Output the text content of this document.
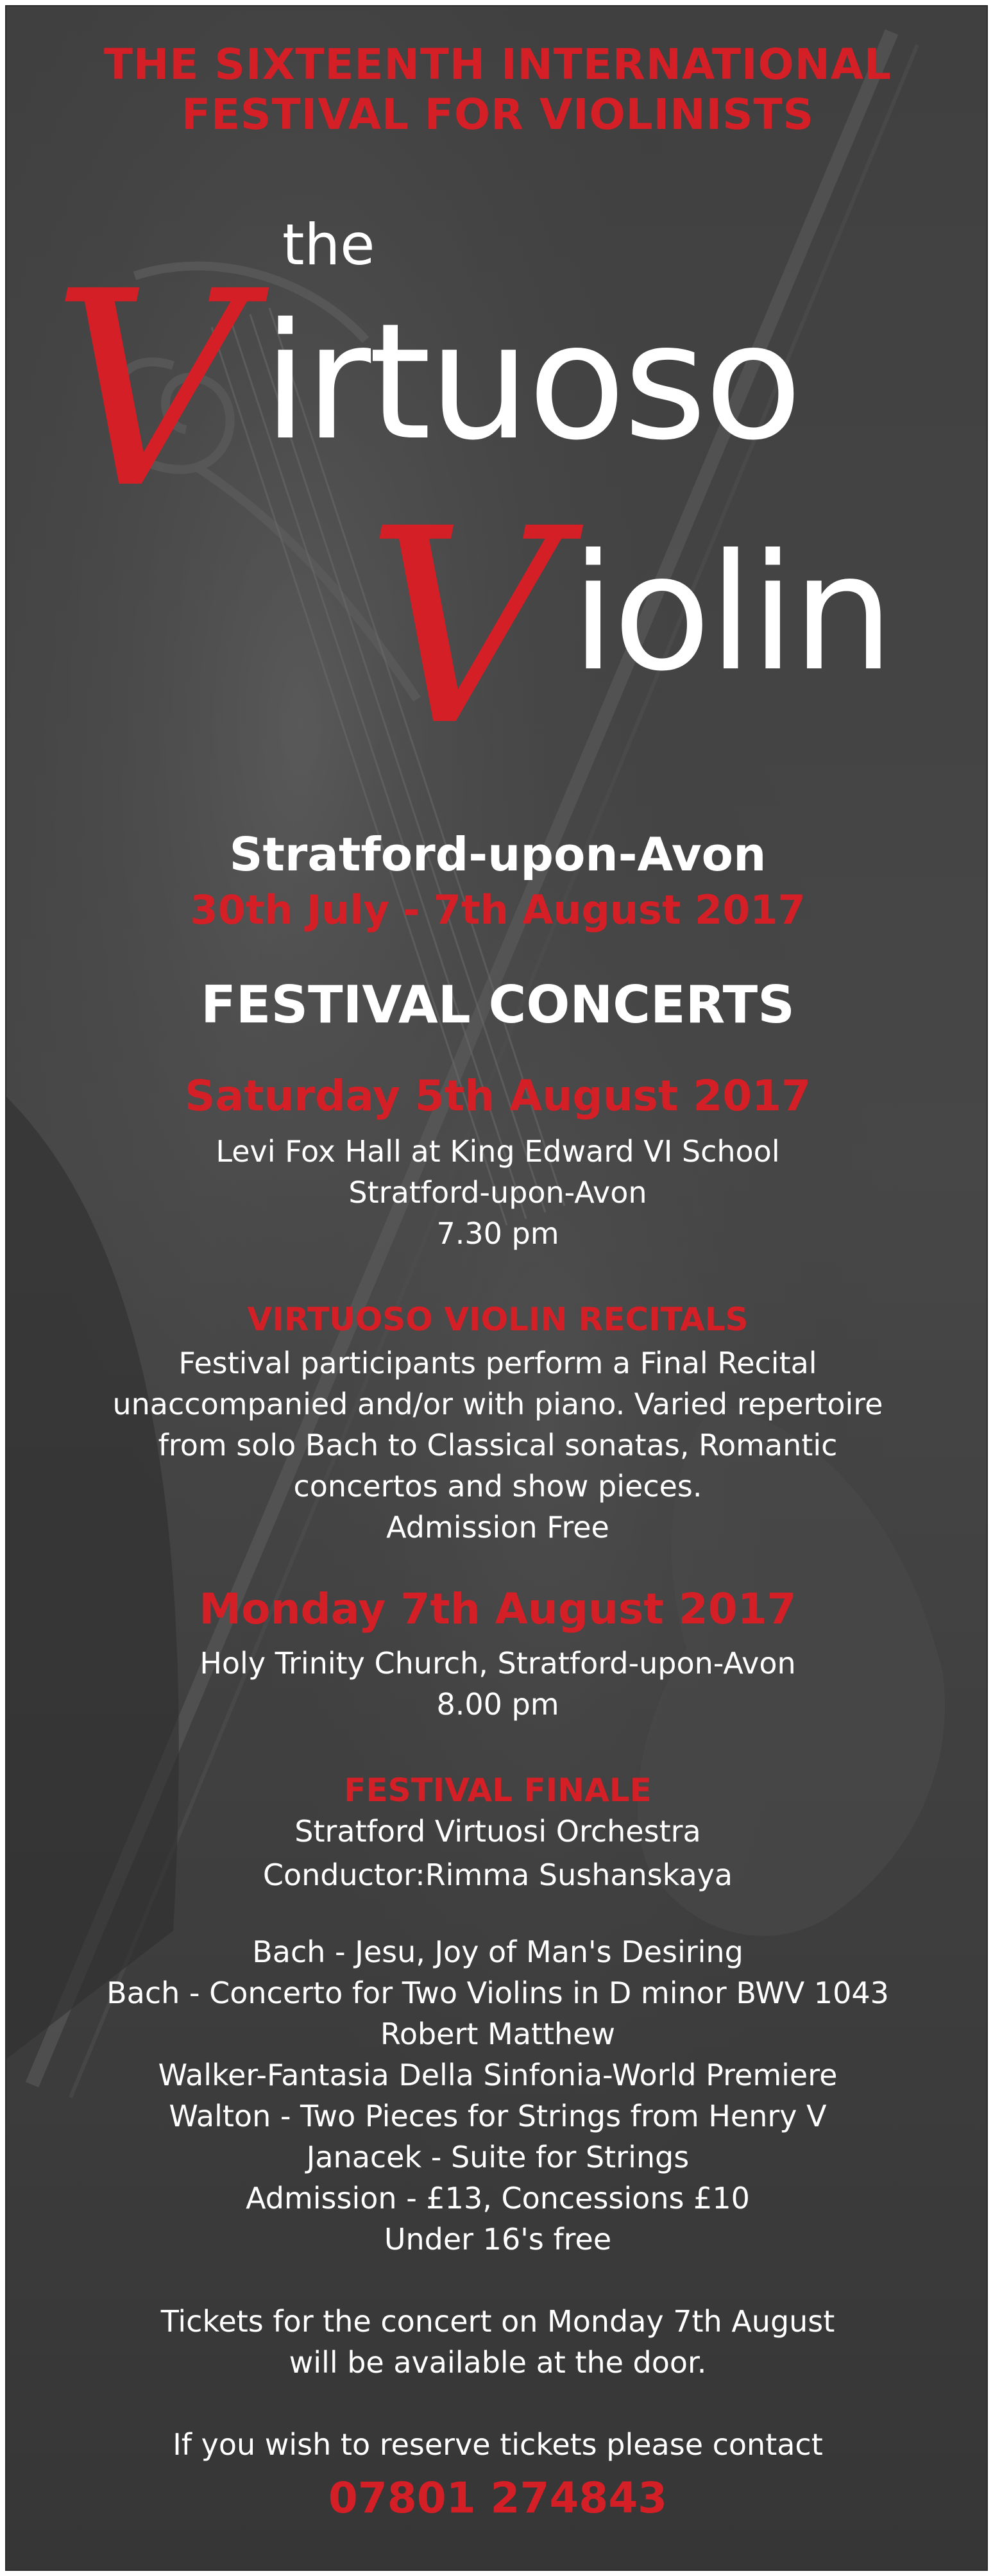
THE SIXTEENTH INTERNATIONAL
FESTIVAL FOR VIOLINISTS
the
V irtuoso
V iolin
Stratford-upon-Avon
30th July - 7th August 2017
FESTIVAL CONCERTS
Saturday 5th August 2017
Levi Fox Hall at King Edward VI School
Stratford-upon-Avon
7.30 pm
VIRTUOSO VIOLIN RECITALS
Festival participants perform a Final Recital
unaccompanied and/or with piano. Varied repertoire
from solo Bach to Classical sonatas, Romantic
concertos and show pieces.
Admission Free
Monday 7th August 2017
Holy Trinity Church, Stratford-upon-Avon
8.00 pm
FESTIVAL FINALE
Stratford Virtuosi Orchestra
Conductor:Rimma Sushanskaya
Bach - Jesu, Joy of Man's Desiring
Bach - Concerto for Two Violins in D minor BWV 1043
Robert Matthew
Walker-Fantasia Della Sinfonia-World Premiere
Walton - Two Pieces for Strings from Henry V
Janacek - Suite for Strings
Admission - £13, Concessions £10
Under 16's free
Tickets for the concert on Monday 7th August
will be available at the door.
If you wish to reserve tickets please contact
07801 274843
